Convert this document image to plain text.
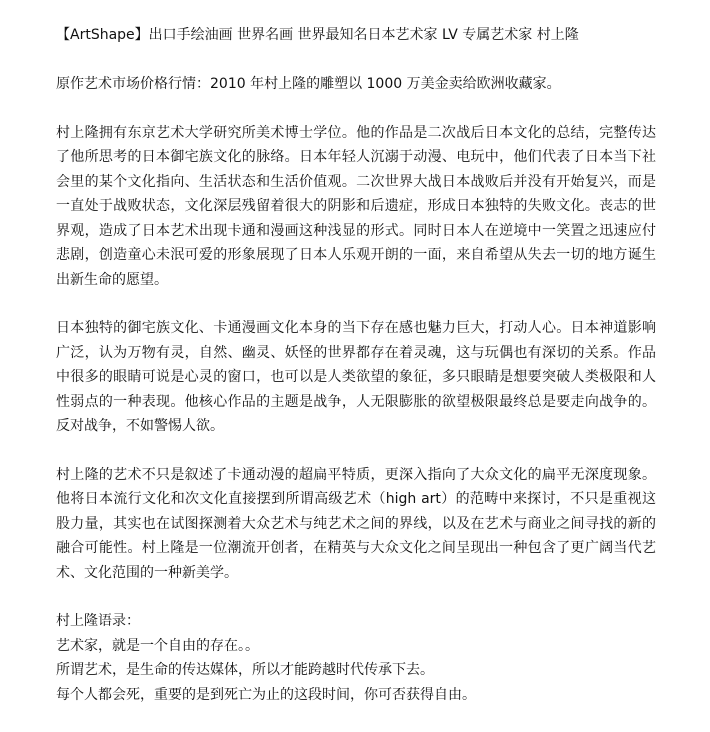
【ArtShape】出口手绘油画 世界名画 世界最知名日本艺术家 LV 专属艺术家 村上隆

原作艺术市场价格行情：2010 年村上隆的雕塑以 1000 万美金卖给欧洲收藏家。

村上隆拥有东京艺术大学研究所美术博士学位。他的作品是二次战后日本文化的总结，完整传达了他所思考的日本御宅族文化的脉络。日本年轻人沉溺于动漫、电玩中，他们代表了日本当下社会里的某个文化指向、生活状态和生活价值观。二次世界大战日本战败后并没有开始复兴，而是一直处于战败状态，文化深层残留着很大的阴影和后遗症，形成日本独特的失败文化。丧志的世界观，造成了日本艺术出现卡通和漫画这种浅显的形式。同时日本人在逆境中一笑置之迅速应付悲剧，创造童心未泯可爱的形象展现了日本人乐观开朗的一面，来自希望从失去一切的地方诞生出新生命的愿望。

日本独特的御宅族文化、卡通漫画文化本身的当下存在感也魅力巨大，打动人心。日本神道影响广泛，认为万物有灵，自然、幽灵、妖怪的世界都存在着灵魂，这与玩偶也有深切的关系。作品中很多的眼睛可说是心灵的窗口，也可以是人类欲望的象征，多只眼睛是想要突破人类极限和人性弱点的一种表现。他核心作品的主题是战争，人无限膨胀的欲望极限最终总是要走向战争的。反对战争，不如警惕人欲。

村上隆的艺术不只是叙述了卡通动漫的超扁平特质，更深入指向了大众文化的扁平无深度现象。他将日本流行文化和次文化直接摆到所谓高级艺术（high art）的范畴中来探讨，不只是重视这股力量，其实也在试图探测着大众艺术与纯艺术之间的界线，以及在艺术与商业之间寻找的新的融合可能性。村上隆是一位潮流开创者，在精英与大众文化之间呈现出一种包含了更广阔当代艺术、文化范围的一种新美学。

村上隆语录：
艺术家，就是一个自由的存在。。
所谓艺术，是生命的传达媒体，所以才能跨越时代传承下去。
每个人都会死，重要的是到死亡为止的这段时间，你可否获得自由。
